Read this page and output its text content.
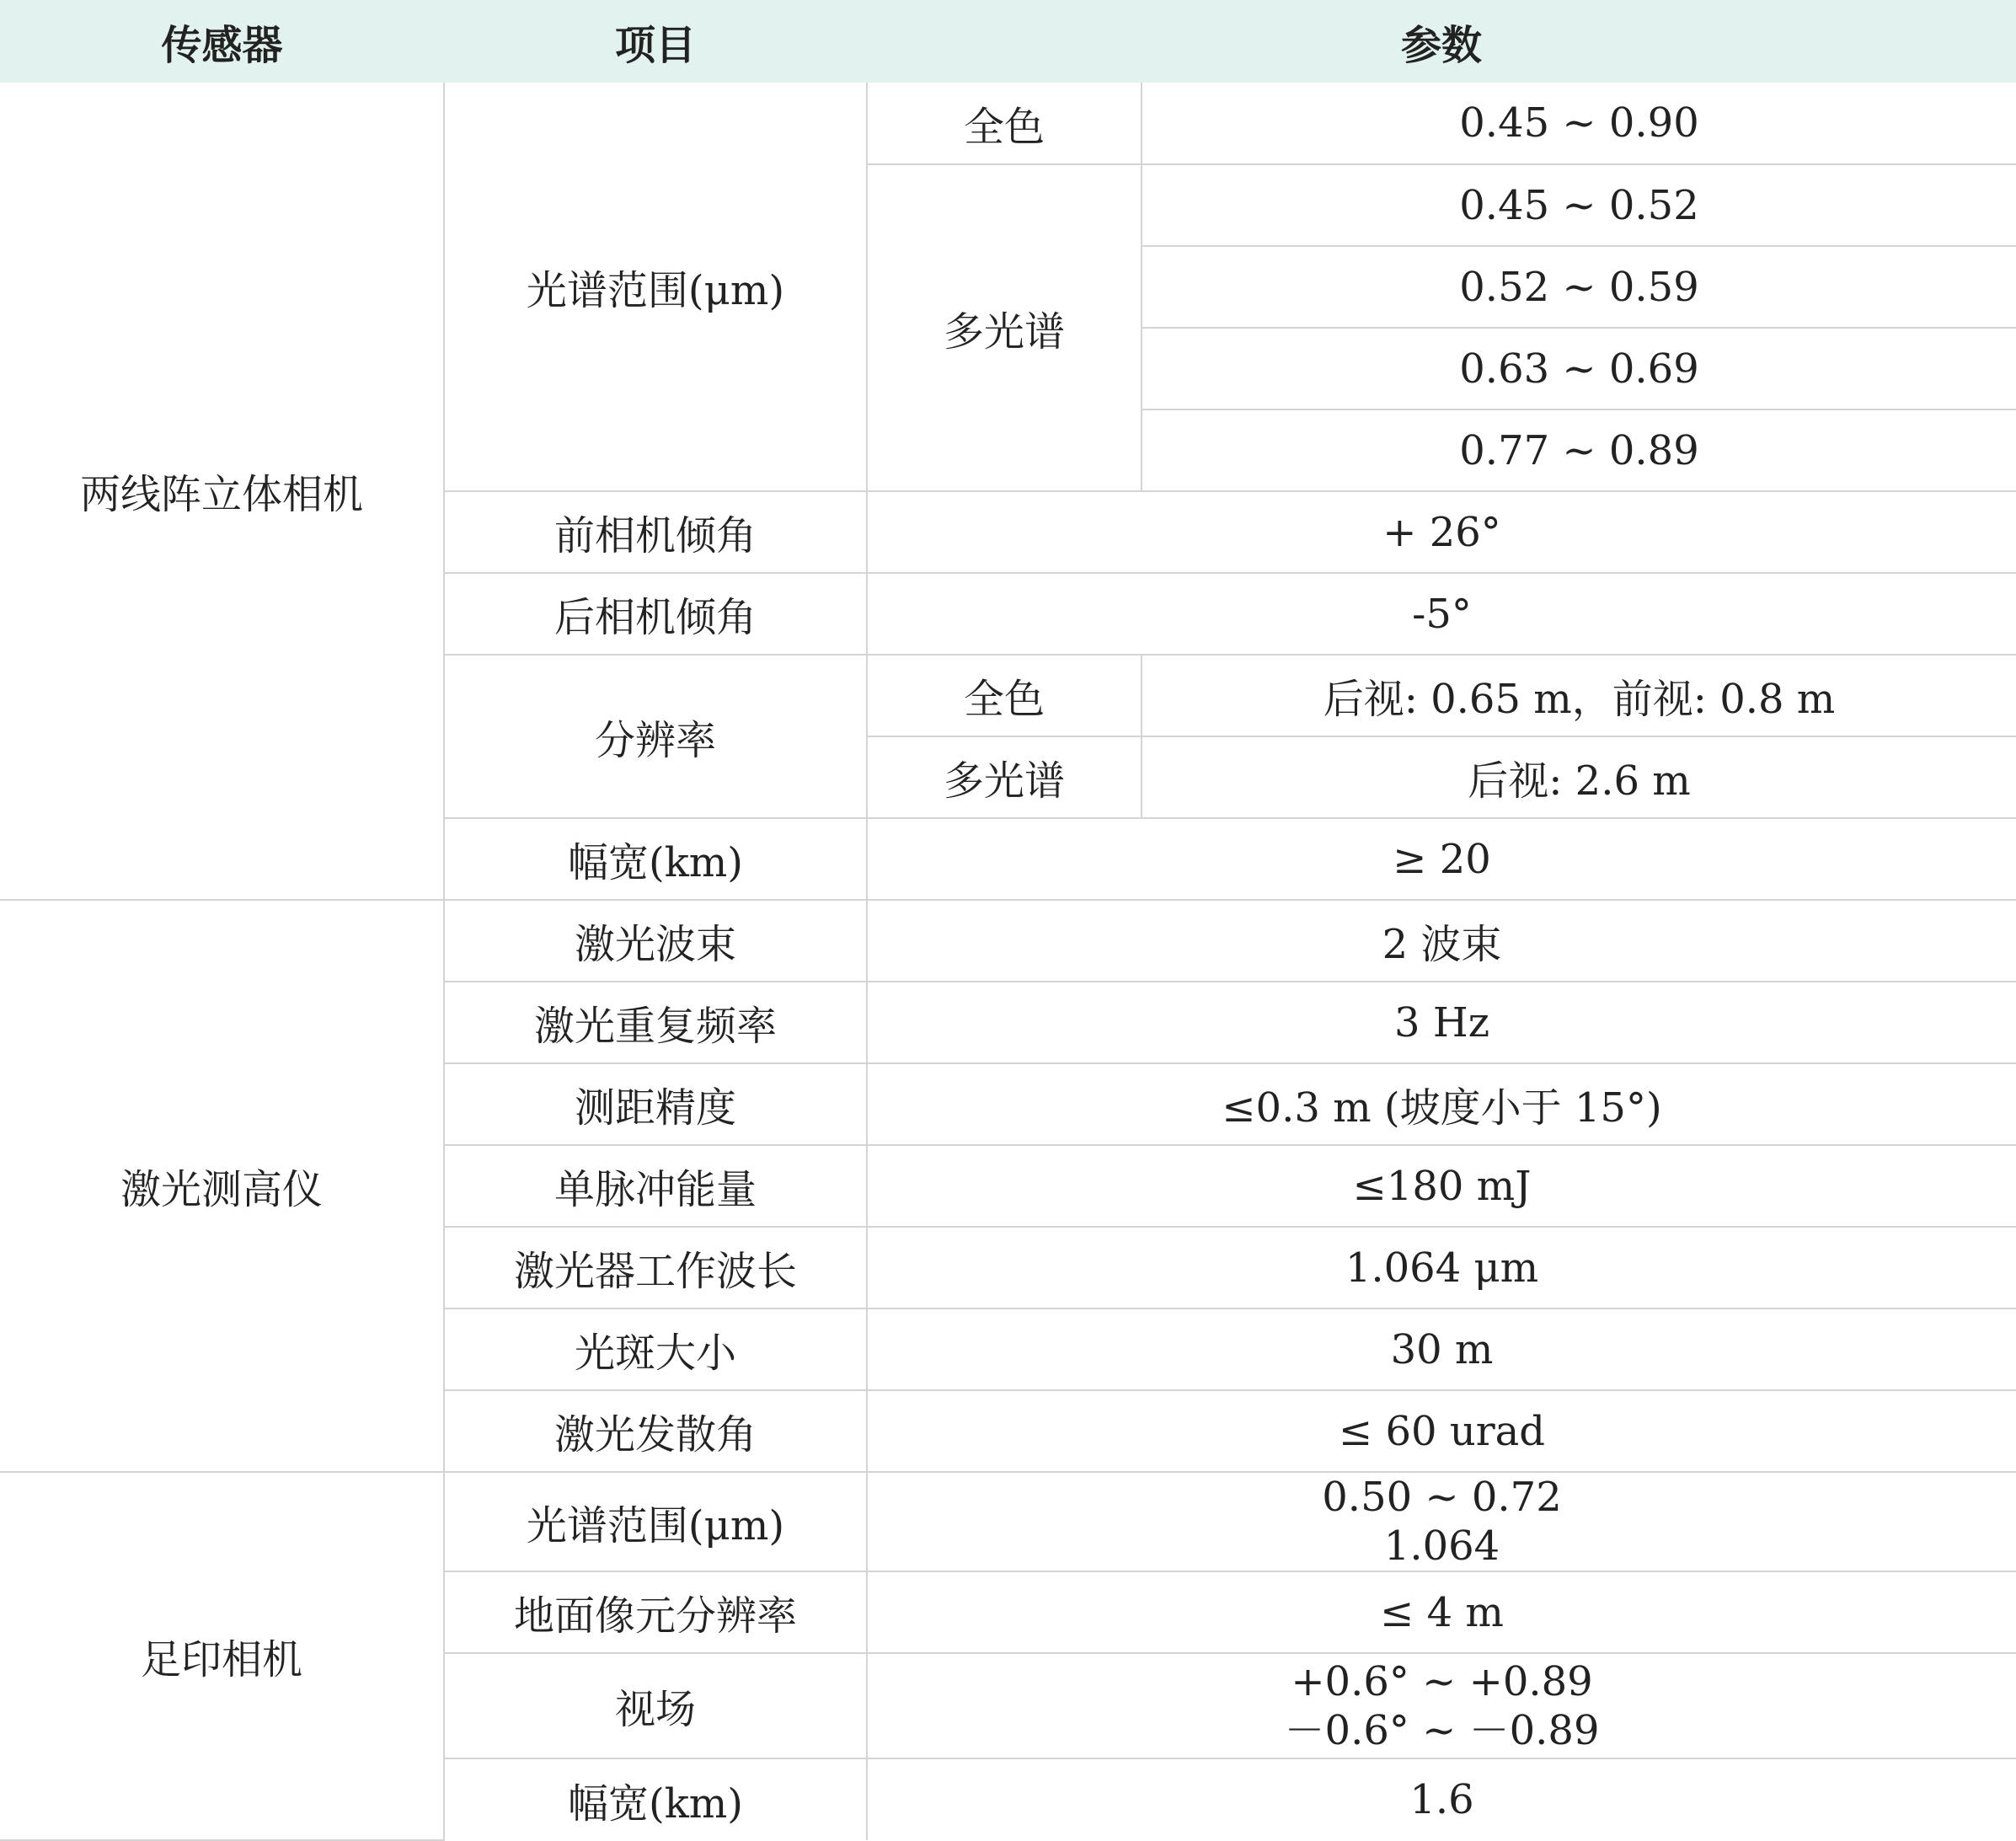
传感器	项目	参数	
两线阵立体相机	光谱范围(μm)	全色	0.45 ~ 0.90
		多光谱	0.45 ~ 0.52
			0.52 ~ 0.59
			0.63 ~ 0.69
			0.77 ~ 0.89
	前相机倾角	+ 26°	
	后相机倾角	-5°	
	分辨率	全色	后视: 0.65 m，前视: 0.8 m
		多光谱	后视: 2.6 m
	幅宽(km)	≥ 20	
激光测高仪	激光波束	2 波束	
	激光重复频率	3 Hz	
	测距精度	≤0.3 m (坡度小于 15°)	
	单脉冲能量	≤180 mJ	
	激光器工作波长	1.064 μm	
	光斑大小	30 m	
	激光发散角	≤ 60 urad	
足印相机	光谱范围(μm)	0.50 ~ 0.72
1.064	

	地面像元分辨率	≤ 4 m	
	视场	+0.6° ~ +0.89
－0.6° ~ －0.89	

	幅宽(km)	1.6	
